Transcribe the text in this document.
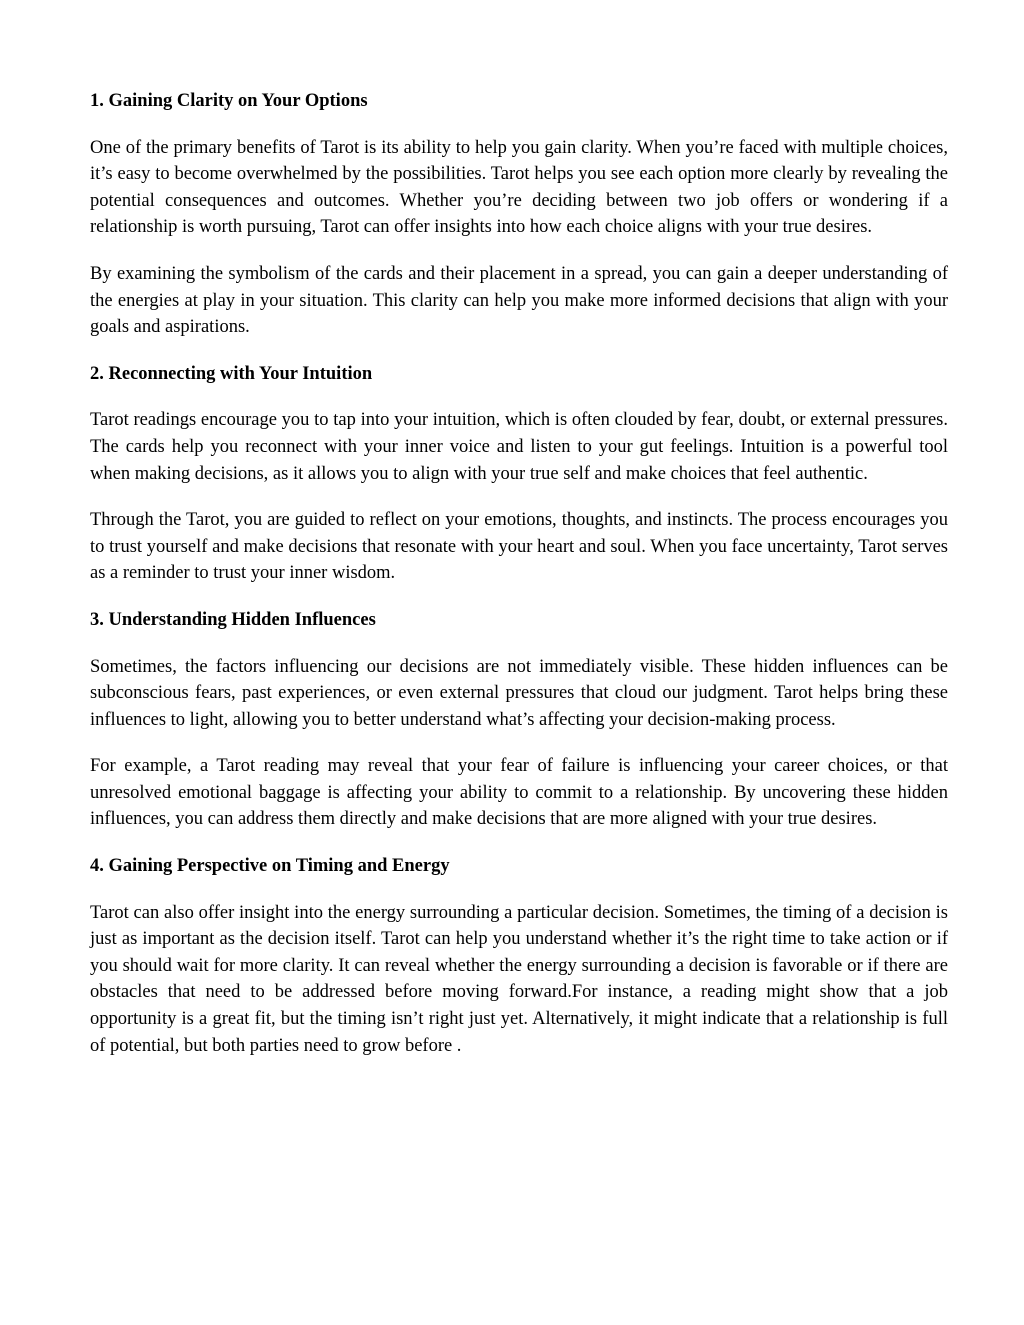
1. Gaining Clarity on Your Options

One of the primary benefits of Tarot is its ability to help you gain clarity. When you’re faced with multiple choices, it’s easy to become overwhelmed by the possibilities. Tarot helps you see each option more clearly by revealing the potential consequences and outcomes. Whether you’re deciding between two job offers or wondering if a relationship is worth pursuing, Tarot can offer insights into how each choice aligns with your true desires.

By examining the symbolism of the cards and their placement in a spread, you can gain a deeper understanding of the energies at play in your situation. This clarity can help you make more informed decisions that align with your goals and aspirations.

2. Reconnecting with Your Intuition

Tarot readings encourage you to tap into your intuition, which is often clouded by fear, doubt, or external pressures. The cards help you reconnect with your inner voice and listen to your gut feelings. Intuition is a powerful tool when making decisions, as it allows you to align with your true self and make choices that feel authentic.

Through the Tarot, you are guided to reflect on your emotions, thoughts, and instincts. The process encourages you to trust yourself and make decisions that resonate with your heart and soul. When you face uncertainty, Tarot serves as a reminder to trust your inner wisdom.

3. Understanding Hidden Influences

Sometimes, the factors influencing our decisions are not immediately visible. These hidden influences can be subconscious fears, past experiences, or even external pressures that cloud our judgment. Tarot helps bring these influences to light, allowing you to better understand what’s affecting your decision-making process.

For example, a Tarot reading may reveal that your fear of failure is influencing your career choices, or that unresolved emotional baggage is affecting your ability to commit to a relationship. By uncovering these hidden influences, you can address them directly and make decisions that are more aligned with your true desires.

4. Gaining Perspective on Timing and Energy

Tarot can also offer insight into the energy surrounding a particular decision. Sometimes, the timing of a decision is just as important as the decision itself. Tarot can help you understand whether it’s the right time to take action or if you should wait for more clarity. It can reveal whether the energy surrounding a decision is favorable or if there are obstacles that need to be addressed before moving forward.For instance, a reading might show that a job opportunity is a great fit, but the timing isn’t right just yet. Alternatively, it might indicate that a relationship is full of potential, but both parties need to grow before .
